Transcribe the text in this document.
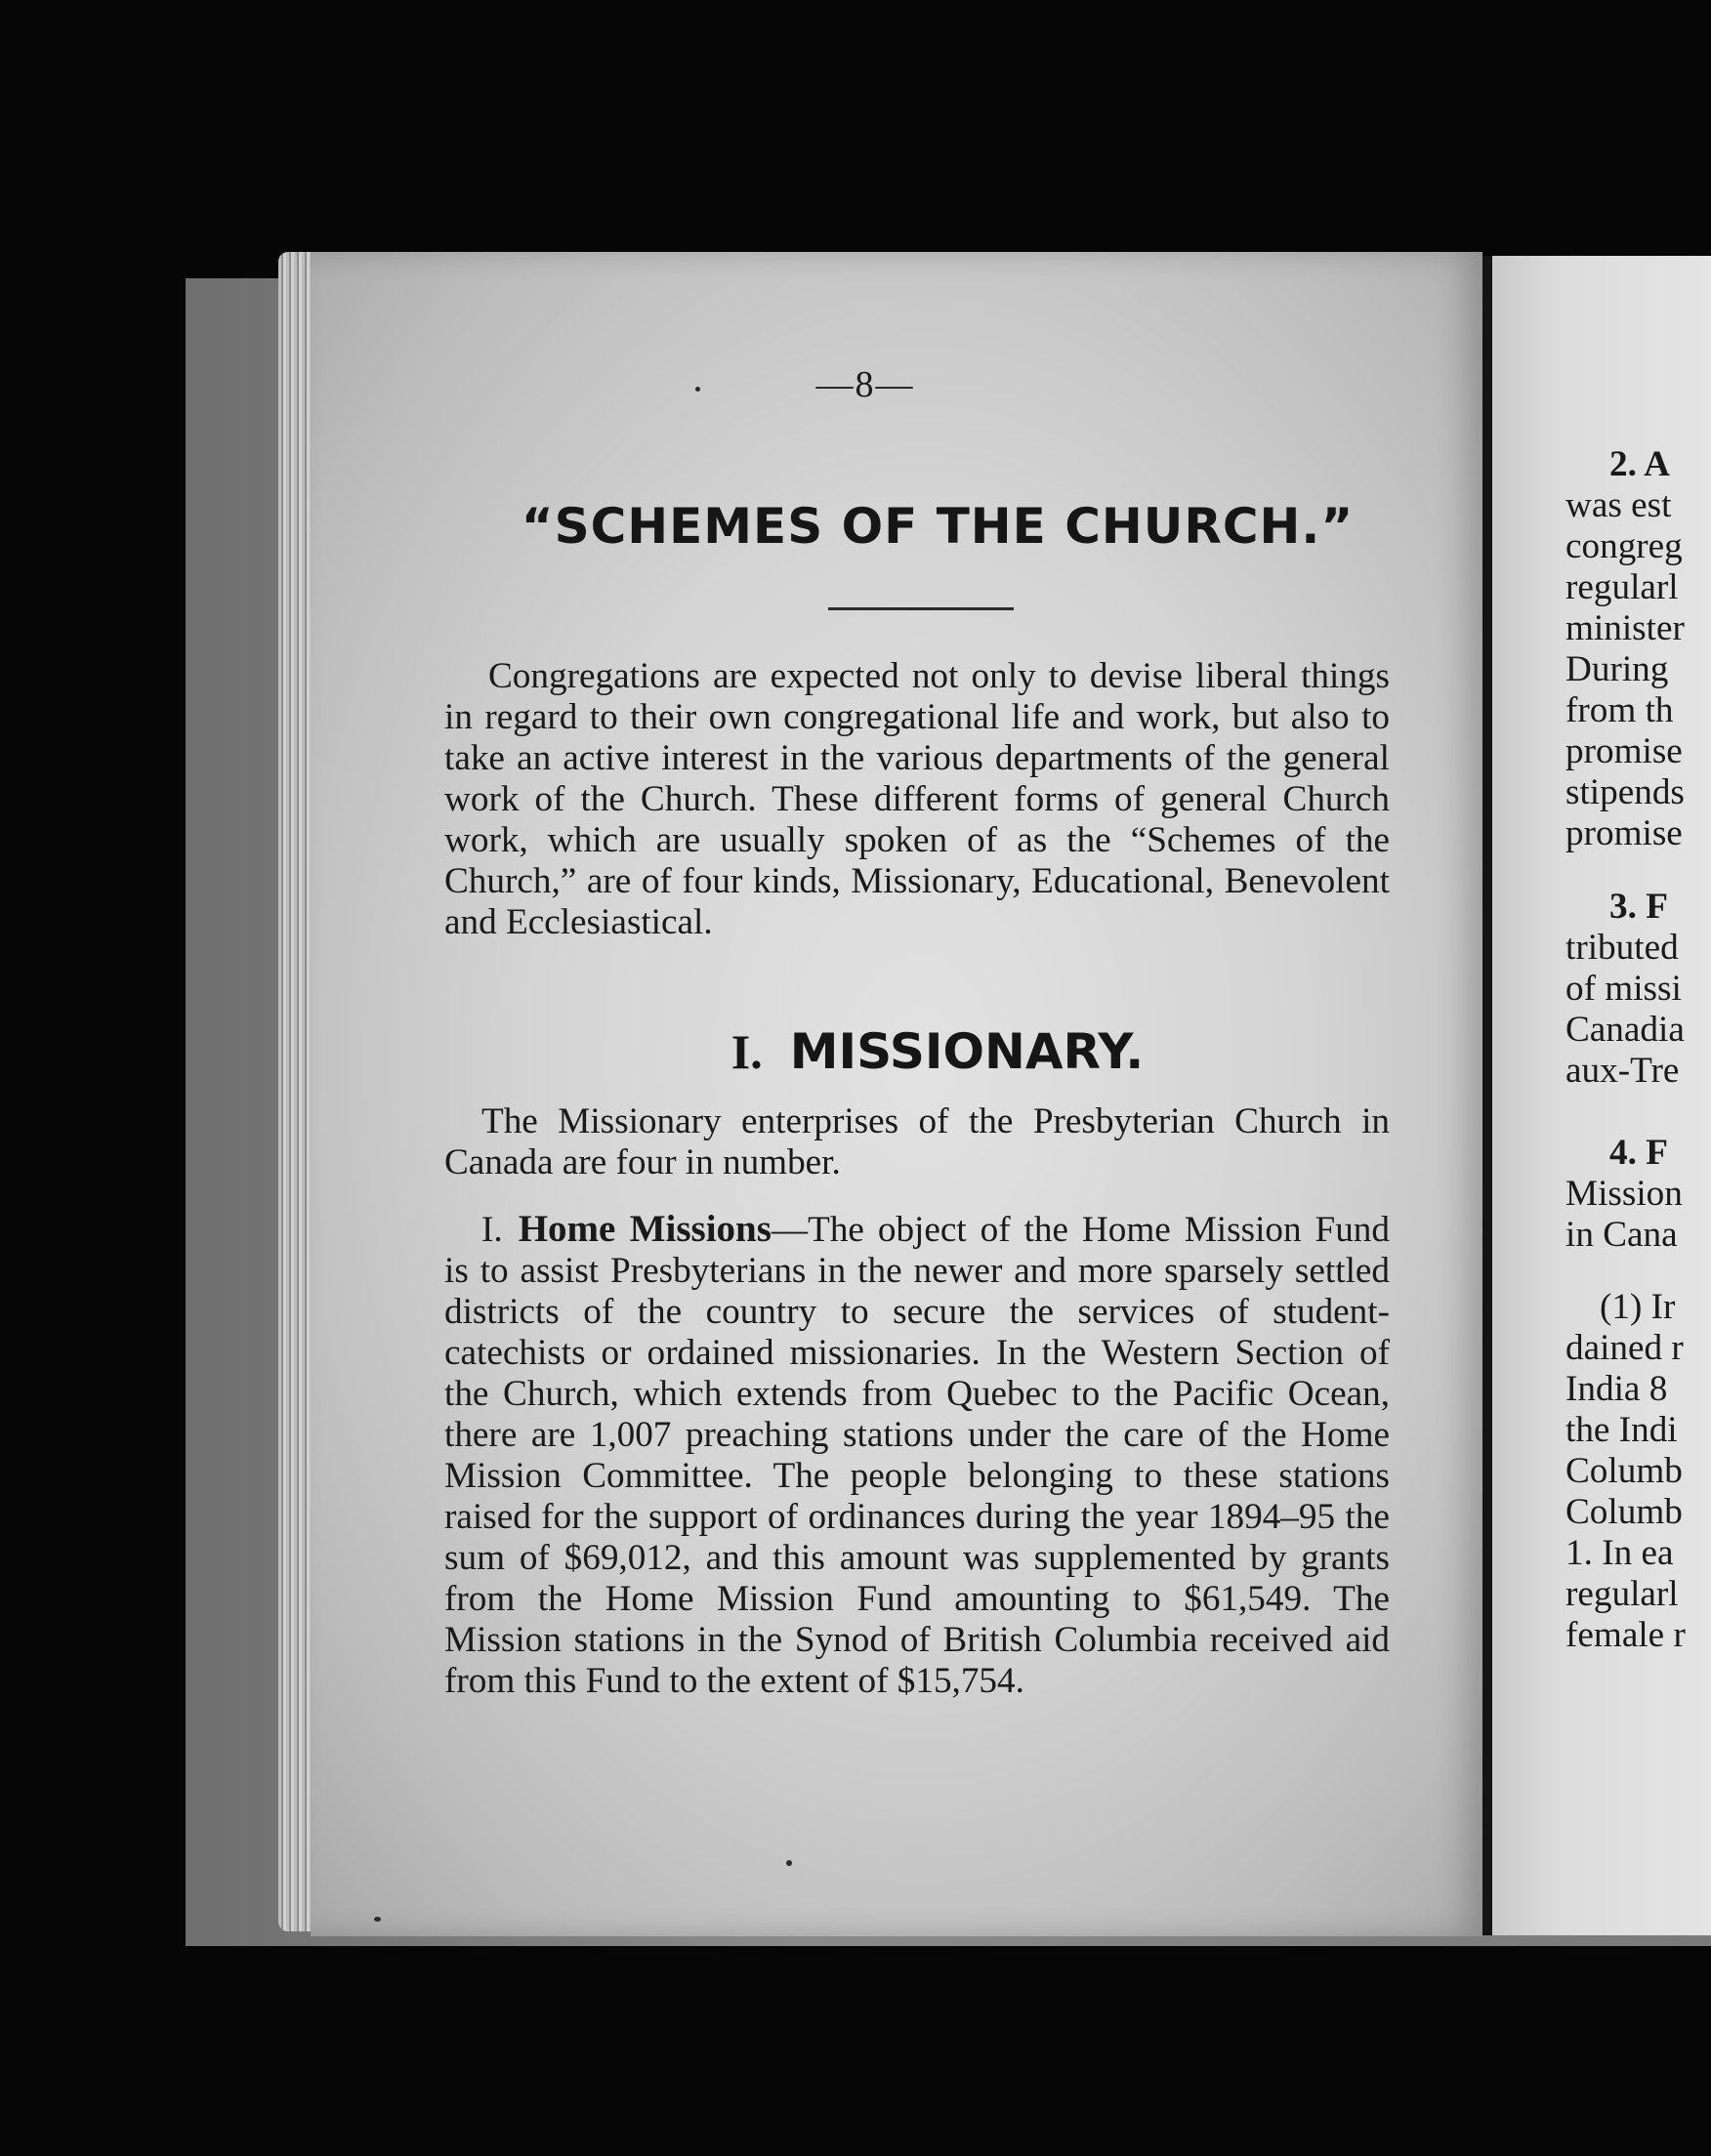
—8—
“SCHEMES OF THE CHURCH.”

Congregations are expected not only to devise liberal things in regard to their own congregational life and work, but also to take an active interest in the various departments of the general work of the Church. These different forms of general Church work, which are usually spoken of as the “Schemes of the Church,” are of four kinds, Missionary, Educational, Benevolent and Ecclesiastical.

I. MISSIONARY.

The Missionary enterprises of the Presbyterian Church in Canada are four in number.

I. Home Missions—The object of the Home Mission Fund is to assist Presbyterians in the newer and more sparsely settled districts of the country to secure the services of student-catechists or ordained missionaries. In the Western Section of the Church, which extends from Quebec to the Pacific Ocean, there are 1,007 preaching stations under the care of the Home Mission Committee. The people belonging to these stations raised for the support of ordinances during the year 1894–95 the sum of $69,012, and this amount was supplemented by grants from the Home Mission Fund amounting to $61,549. The Mission stations in the Synod of British Columbia received aid from this Fund to the extent of $15,754.

2. A
was est
congreg
regularl
minister
During
from th
promise
stipends
promise
3. F
tributed
of missi
Canadia
aux-Tre
4. F
Mission
in Cana
(1) Ir
dained r
India 8
the Indi
Columb
Columb
1. In ea
regularl
female r
